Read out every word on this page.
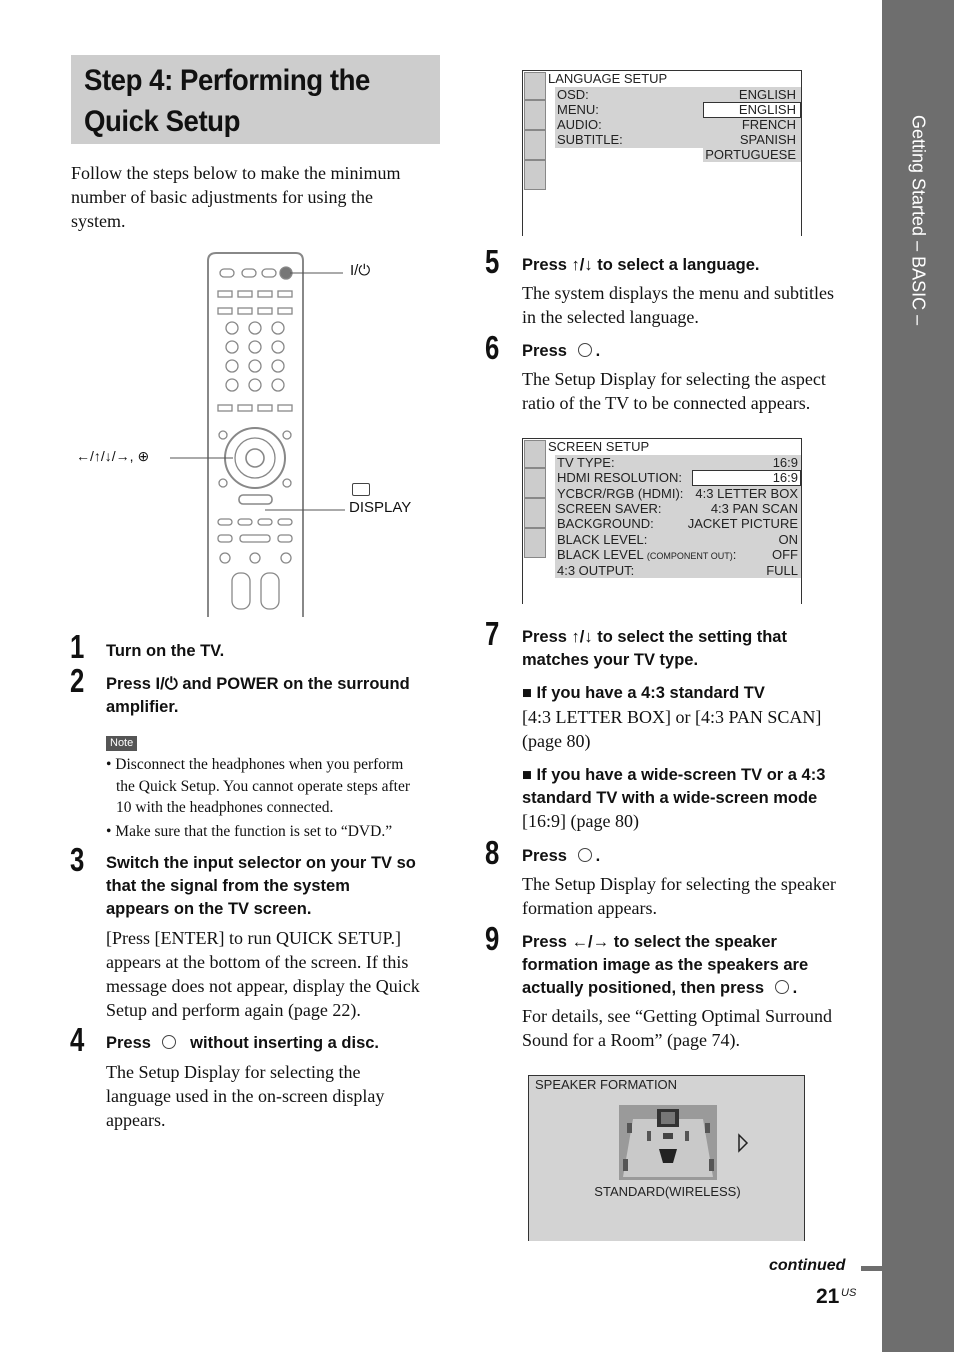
Getting Started – BASIC –
Step 4: Performing the
Quick Setup
Follow the steps below to make the minimum
number of basic adjustments for using the
system.
I/⏻
←/↑/↓/→, ⊕
DISPLAY
1 Turn on the TV.
2 Press I/⏻ and POWER on the surround
amplifier.
Note
• Disconnect the headphones when you perform
the Quick Setup. You cannot operate steps after
10 with the headphones connected.
• Make sure that the function is set to “DVD.”
3 Switch the input selector on your TV so
that the signal from the system
appears on the TV screen.
[Press [ENTER] to run QUICK SETUP.]
appears at the bottom of the screen. If this
message does not appear, display the Quick
Setup and perform again (page 22).
4 Press without inserting a disc.
The Setup Display for selecting the
language used in the on-screen display
appears.
LANGUAGE SETUP
OSD:	ENGLISH
MENU:	ENGLISH
AUDIO:	FRENCH
SUBTITLE:	SPANISH
PORTUGUESE
5 Press ↑/↓ to select a language.
The system displays the menu and subtitles
in the selected language.
6 Press .
The Setup Display for selecting the aspect
ratio of the TV to be connected appears.
SCREEN SETUP
TV TYPE:	16:9
HDMI RESOLUTION:	16:9
YCBCR/RGB (HDMI): 4:3 LETTER BOX
SCREEN SAVER:	4:3 PAN SCAN
BACKGROUND:	JACKET PICTURE
BLACK LEVEL:	ON
BLACK LEVEL (COMPONENT OUT):	OFF
4:3 OUTPUT:	FULL
7 Press ↑/↓ to select the setting that
matches your TV type.
■ If you have a 4:3 standard TV
[4:3 LETTER BOX] or [4:3 PAN SCAN]
(page 80)
■ If you have a wide-screen TV or a 4:3
standard TV with a wide-screen mode
[16:9] (page 80)
8 Press .
The Setup Display for selecting the speaker
formation appears.
9 Press ←/→ to select the speaker
formation image as the speakers are
actually positioned, then press .
For details, see “Getting Optimal Surround
Sound for a Room” (page 74).
SPEAKER FORMATION
STANDARD(WIRELESS)
continued
21 US
